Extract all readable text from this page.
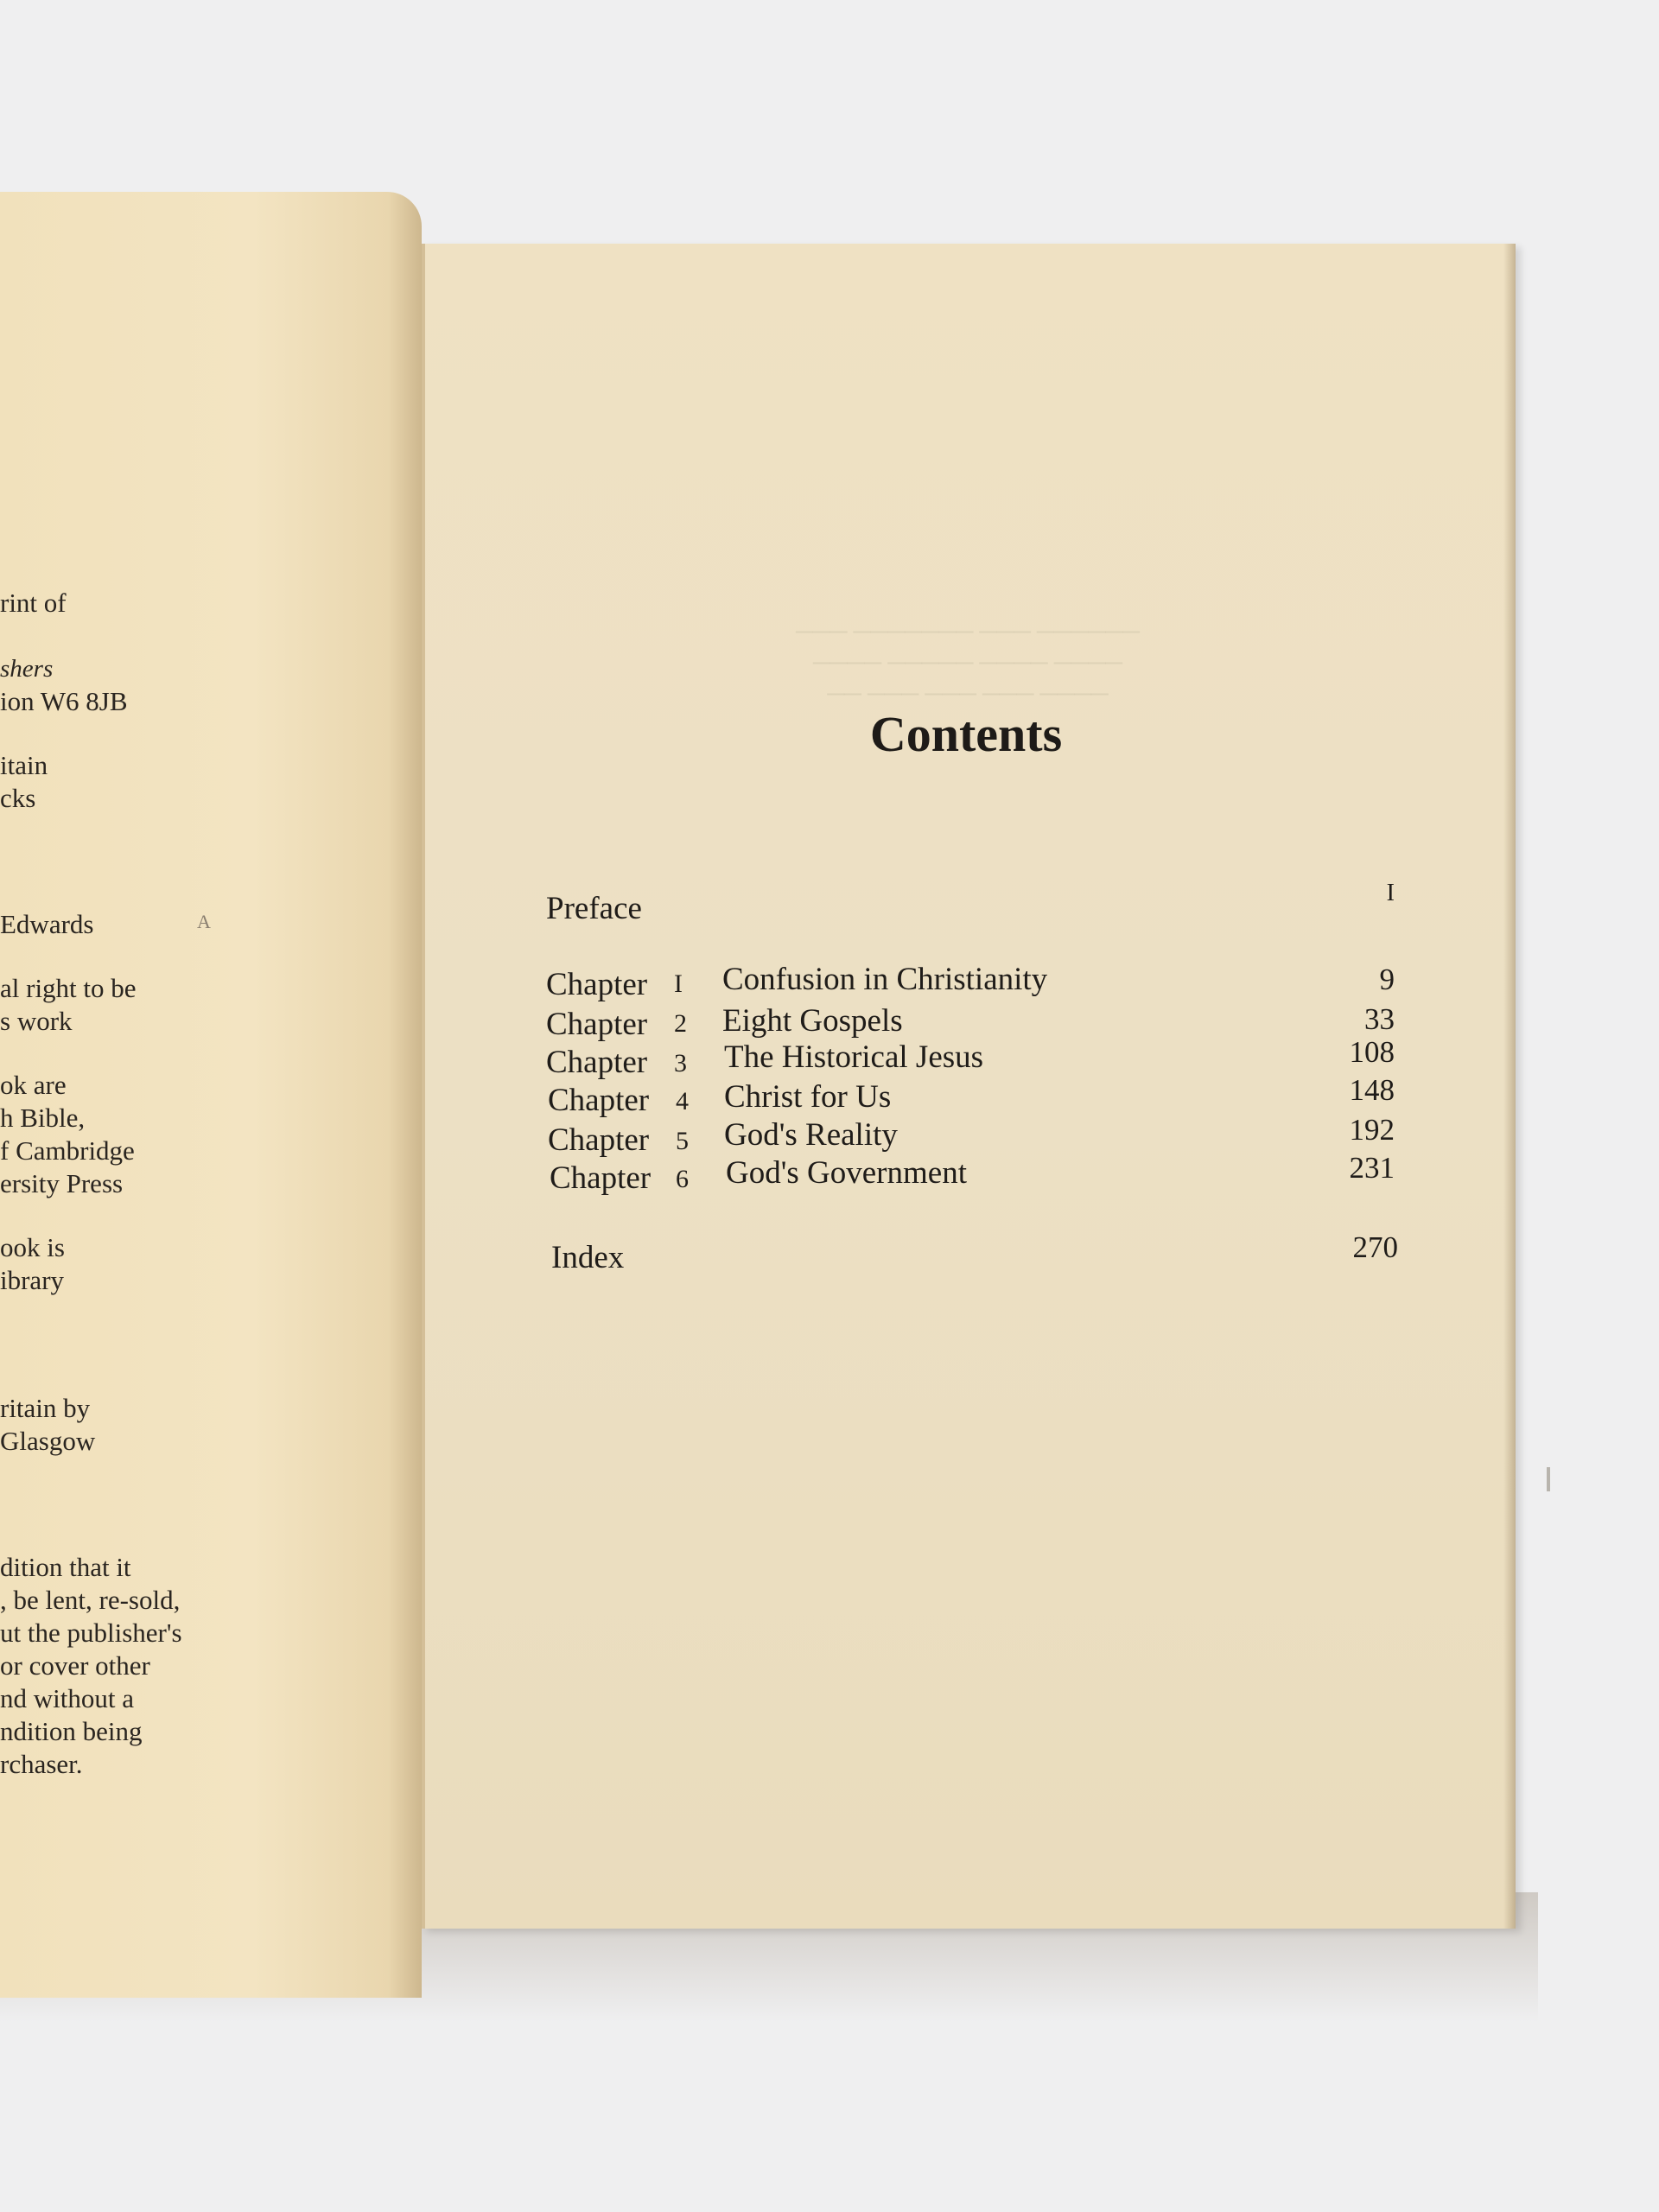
rint of
shers
ion W6 8JB
itain
cks
Edwards
al right to be
s work
ok are
h Bible,
f Cambridge
ersity Press
ook is
ibrary
ritain by
Glasgow
dition that it
, be lent, re-sold,
ut the publisher's
or cover other
nd without a
ndition being
rchaser.
A
─── ─────── ─── ──────
──── ───── ──── ────
── ─── ─── ─── ────
Contents
Preface	I
Chapter I Confusion in Christianity	9
Chapter 2 Eight Gospels	33
Chapter 3 The Historical Jesus	108
Chapter 4 Christ for Us	148
Chapter 5 God's Reality	192
Chapter 6 God's Government	231
Index	270
